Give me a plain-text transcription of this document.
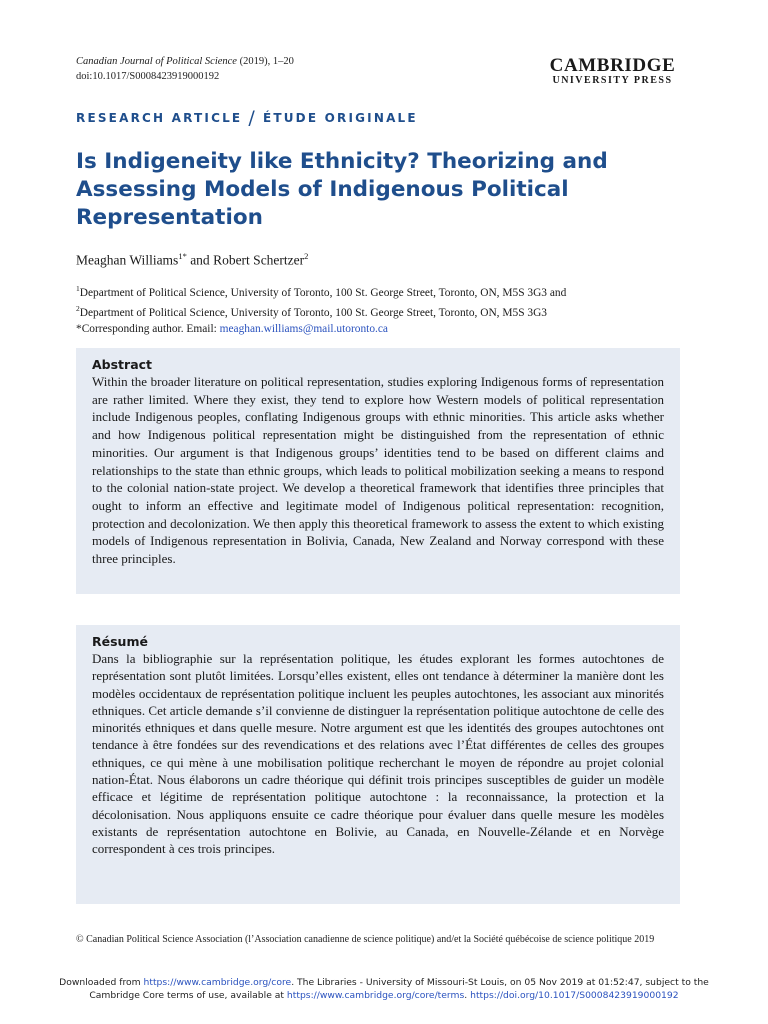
Canadian Journal of Political Science (2019), 1–20
doi:10.1017/S0008423919000192
CAMBRIDGE
UNIVERSITY PRESS
RESEARCH ARTICLE / ÉTUDE ORIGINALE
Is Indigeneity like Ethnicity? Theorizing and Assessing Models of Indigenous Political Representation
Meaghan Williams$^{1*}$ and Robert Schertzer$^2$
$^1$Department of Political Science, University of Toronto, 100 St. George Street, Toronto, ON, M5S 3G3 and
$^2$Department of Political Science, University of Toronto, 100 St. George Street, Toronto, ON, M5S 3G3
*Corresponding author. Email: meaghan.williams@mail.utoronto.ca
Abstract
Within the broader literature on political representation, studies exploring Indigenous forms of representation are rather limited. Where they exist, they tend to explore how Western models of political representation include Indigenous peoples, conflating Indigenous groups with ethnic minorities. This article asks whether and how Indigenous political representation might be distinguished from the representation of ethnic minorities. Our argument is that Indigenous groups’ identities tend to be based on different claims and relationships to the state than ethnic groups, which leads to political mobilization seeking a means to respond to the colonial nation-state project. We develop a theoretical framework that identifies three principles that ought to inform an effective and legitimate model of Indigenous political representation: recognition, protection and decolonization. We then apply this theoretical framework to assess the extent to which existing models of Indigenous representation in Bolivia, Canada, New Zealand and Norway correspond with these three principles.
Résumé
Dans la bibliographie sur la représentation politique, les études explorant les formes autochtones de représentation sont plutôt limitées. Lorsqu’elles existent, elles ont tendance à déterminer la manière dont les modèles occidentaux de représentation politique incluent les peuples autochtones, les associant aux minorités ethniques. Cet article demande s’il convienne de distinguer la représentation politique autochtone de celle des minorités ethniques et dans quelle mesure. Notre argument est que les identités des groupes autochtones ont tendance à être fondées sur des revendications et des relations avec l’État différentes de celles des groupes ethniques, ce qui mène à une mobilisation politique recherchant le moyen de répondre au projet colonial nation-État. Nous élaborons un cadre théorique qui définit trois principes susceptibles de guider un modèle efficace et légitime de représentation politique autochtone : la reconnaissance, la protection et la décolonisation. Nous appliquons ensuite ce cadre théorique pour évaluer dans quelle mesure les modèles existants de représentation autochtone en Bolivie, au Canada, en Nouvelle-Zélande et en Norvège correspondent à ces trois principes.
© Canadian Political Science Association (l’Association canadienne de science politique) and/et la Société québécoise de science politique 2019
Downloaded from https://www.cambridge.org/core. The Libraries - University of Missouri-St Louis, on 05 Nov 2019 at 01:52:47, subject to the
Cambridge Core terms of use, available at https://www.cambridge.org/core/terms. https://doi.org/10.1017/S0008423919000192
